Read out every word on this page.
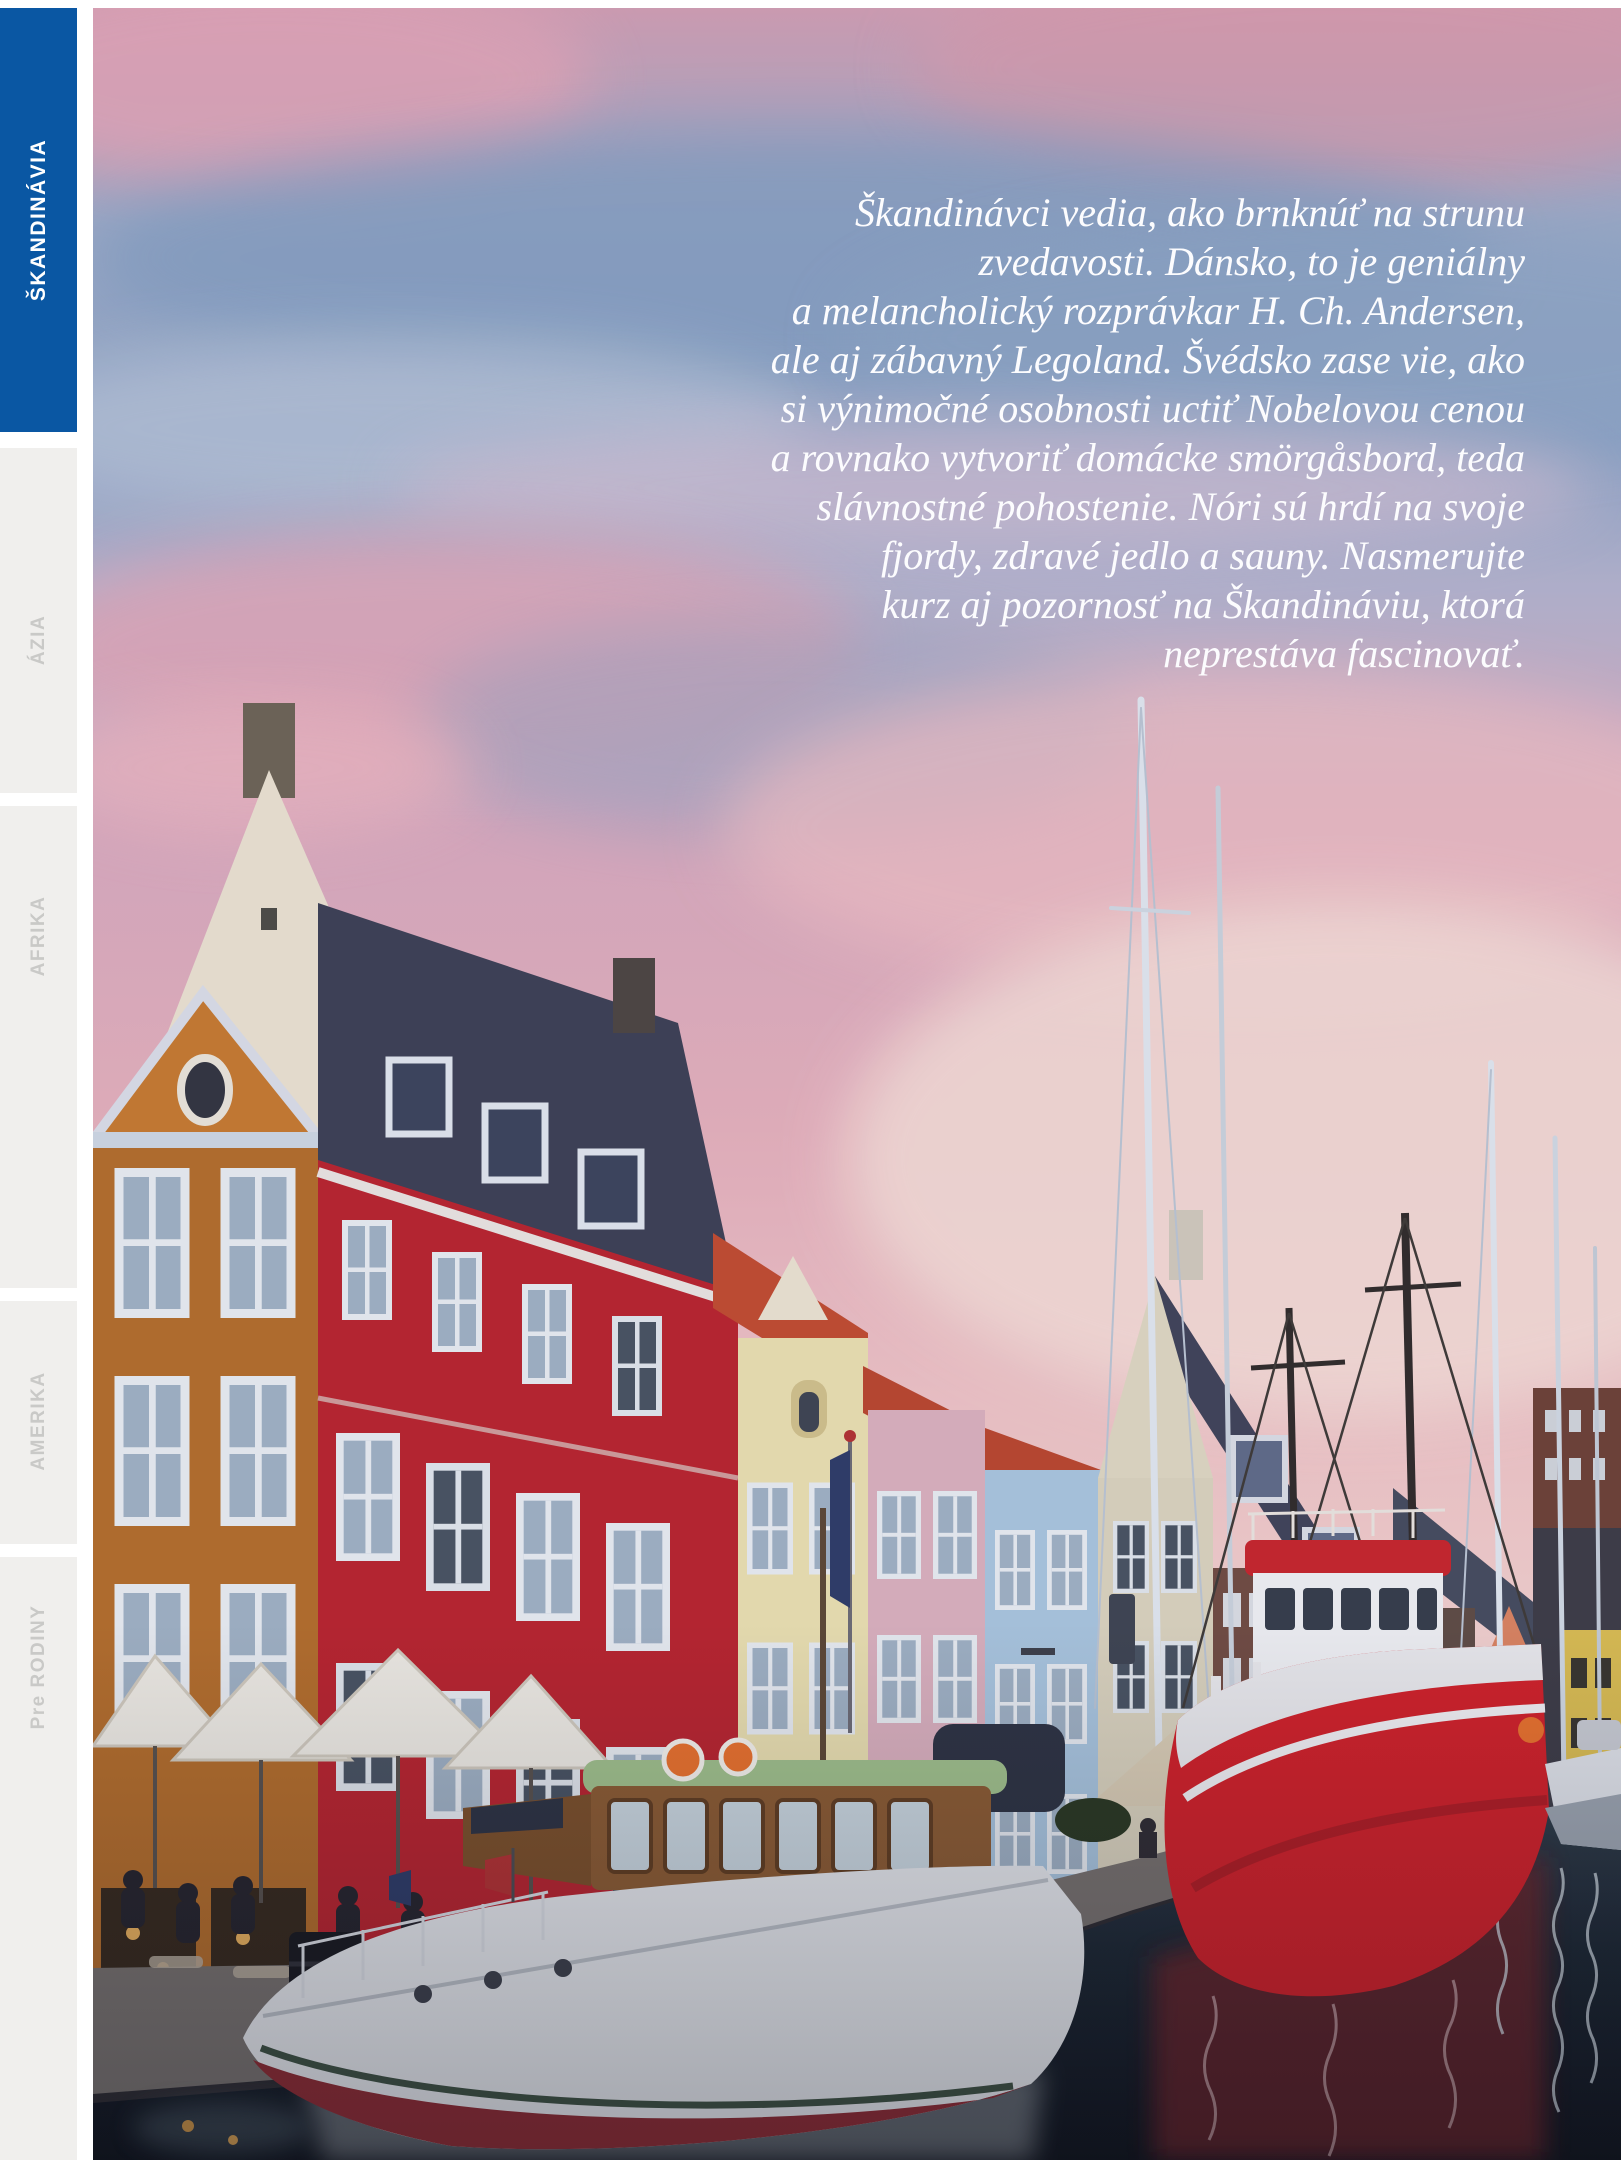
ŠKANDINÁVIA
ÁZIA
AFRIKA
AMERIKA
Pre RODINY
Škandinávci vedia, ako brnknúť na strunu
zvedavosti. Dánsko, to je geniálny
a melancholický rozprávkar H. Ch. Andersen,
ale aj zábavný Legoland. Švédsko zase vie, ako
si výnimočné osobnosti uctiť Nobelovou cenou
a rovnako vytvoriť domácke smörgåsbord, teda
slávnostné pohostenie. Nóri sú hrdí na svoje
fjordy, zdravé jedlo a sauny. Nasmerujte
kurz aj pozornosť na Škandináviu, ktorá
neprestáva fascinovať.
